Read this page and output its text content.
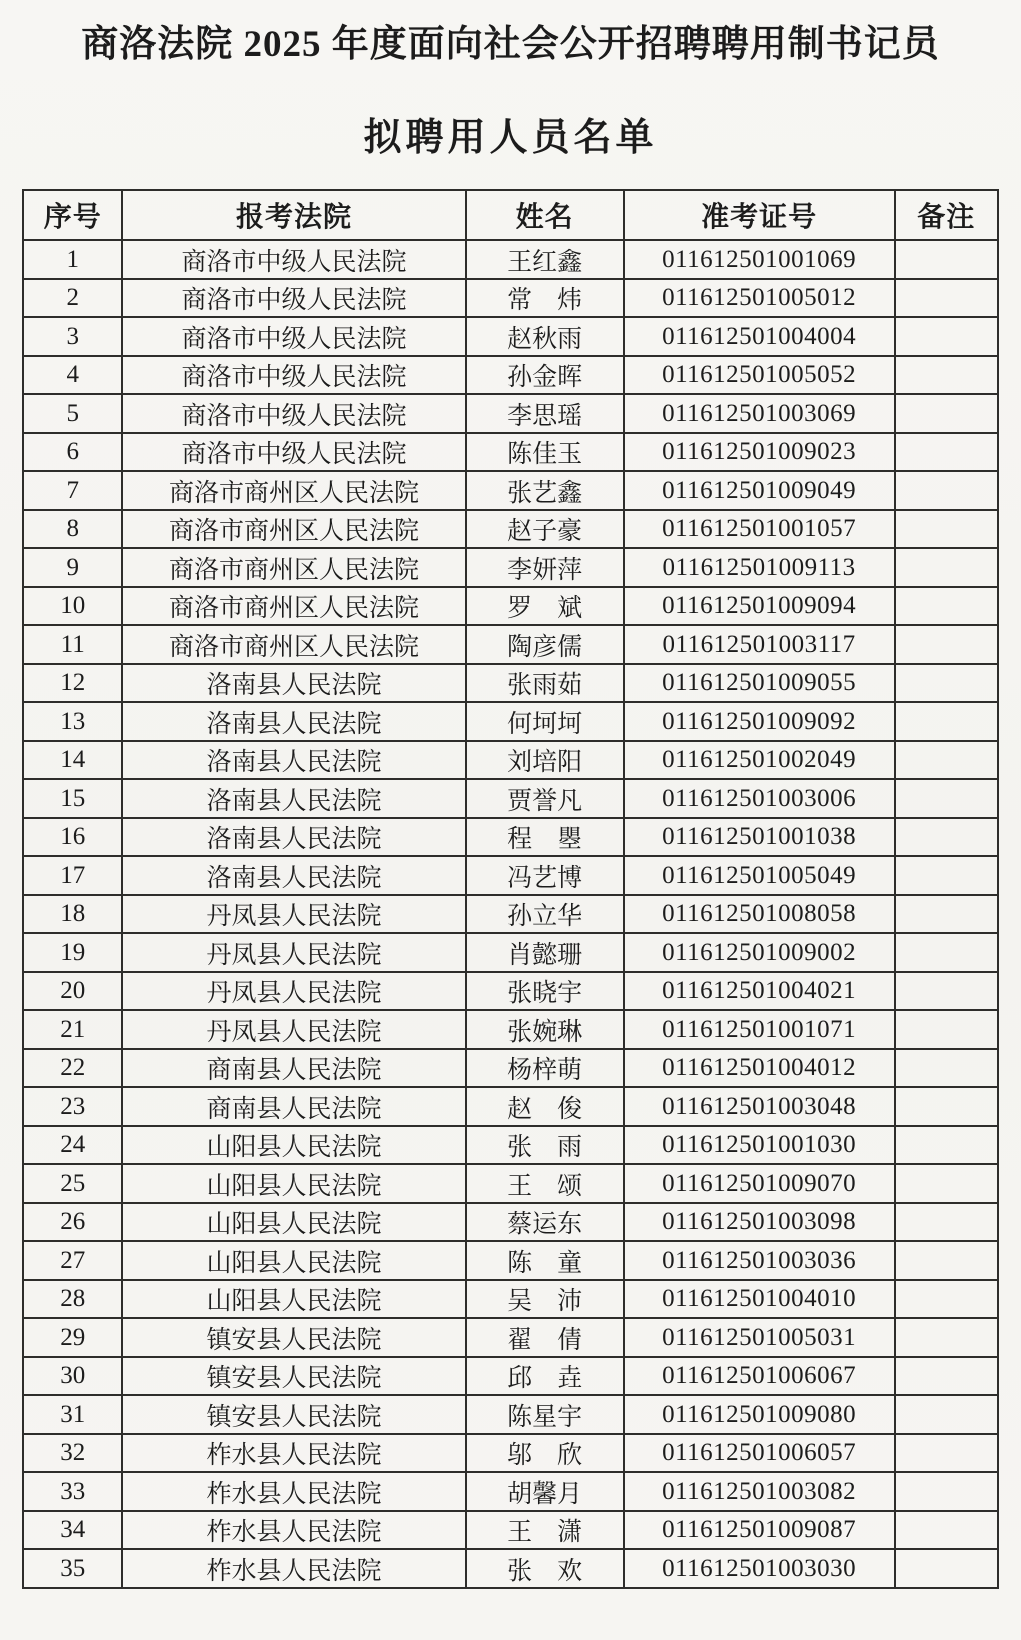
商洛法院 2025 年度面向社会公开招聘聘用制书记员
拟聘用人员名单
序号	报考法院	姓名	准考证号	备注
1	商洛市中级人民法院	王红鑫	011612501001069	
2	商洛市中级人民法院	常　炜	011612501005012	
3	商洛市中级人民法院	赵秋雨	011612501004004	
4	商洛市中级人民法院	孙金晖	011612501005052	
5	商洛市中级人民法院	李思瑶	011612501003069	
6	商洛市中级人民法院	陈佳玉	011612501009023	
7	商洛市商州区人民法院	张艺鑫	011612501009049	
8	商洛市商州区人民法院	赵子豪	011612501001057	
9	商洛市商州区人民法院	李妍萍	011612501009113	
10	商洛市商州区人民法院	罗　斌	011612501009094	
11	商洛市商州区人民法院	陶彦儒	011612501003117	
12	洛南县人民法院	张雨茹	011612501009055	
13	洛南县人民法院	何坷坷	011612501009092	
14	洛南县人民法院	刘培阳	011612501002049	
15	洛南县人民法院	贾誉凡	011612501003006	
16	洛南县人民法院	程　瞾	011612501001038	
17	洛南县人民法院	冯艺博	011612501005049	
18	丹凤县人民法院	孙立华	011612501008058	
19	丹凤县人民法院	肖懿珊	011612501009002	
20	丹凤县人民法院	张晓宇	011612501004021	
21	丹凤县人民法院	张婉琳	011612501001071	
22	商南县人民法院	杨梓萌	011612501004012	
23	商南县人民法院	赵　俊	011612501003048	
24	山阳县人民法院	张　雨	011612501001030	
25	山阳县人民法院	王　颂	011612501009070	
26	山阳县人民法院	蔡运东	011612501003098	
27	山阳县人民法院	陈　童	011612501003036	
28	山阳县人民法院	吴　沛	011612501004010	
29	镇安县人民法院	翟　倩	011612501005031	
30	镇安县人民法院	邱　垚	011612501006067	
31	镇安县人民法院	陈星宇	011612501009080	
32	柞水县人民法院	邬　欣	011612501006057	
33	柞水县人民法院	胡馨月	011612501003082	
34	柞水县人民法院	王　潇	011612501009087	
35	柞水县人民法院	张　欢	011612501003030	
